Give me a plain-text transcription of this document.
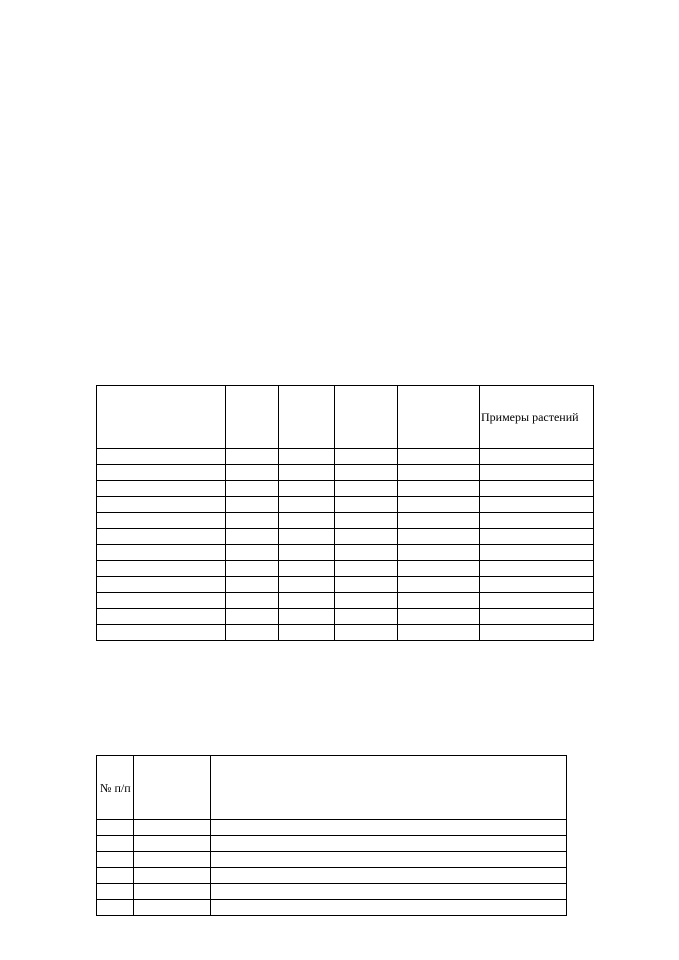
					Примеры растений

№ п/п		
